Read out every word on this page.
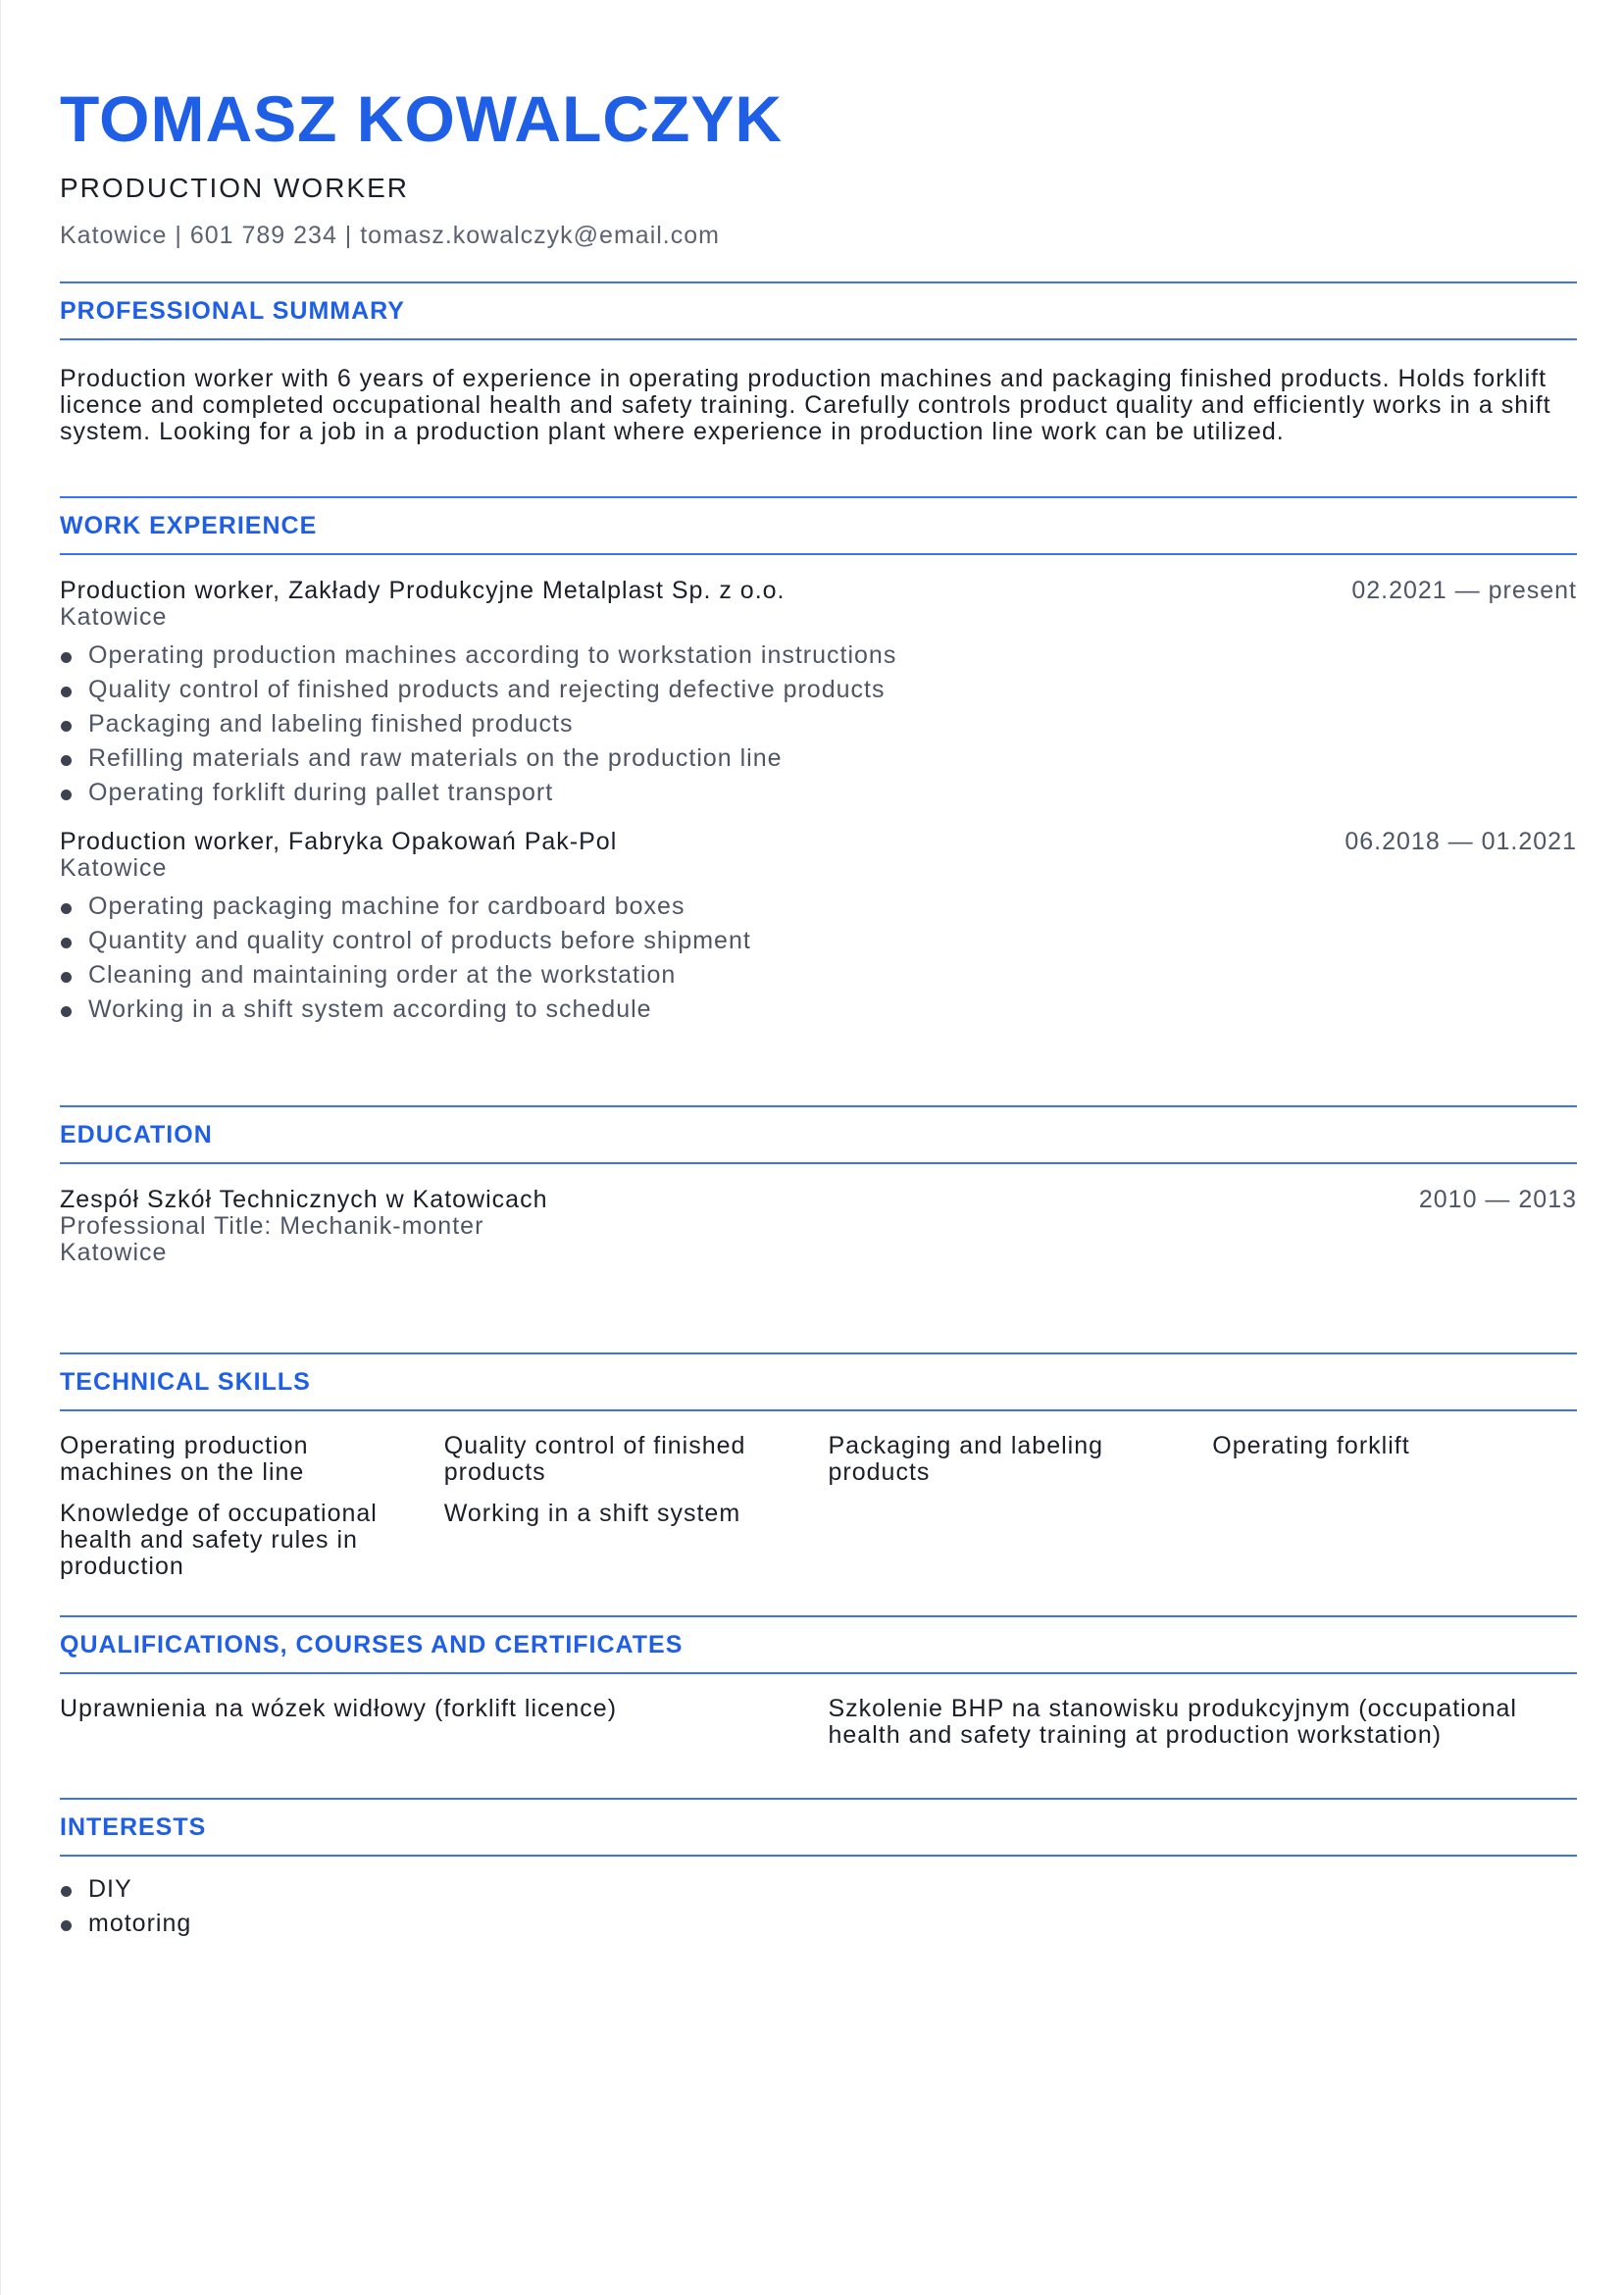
TOMASZ KOWALCZYK
PRODUCTION WORKER
Katowice | 601 789 234 | tomasz.kowalczyk@email.com
PROFESSIONAL SUMMARY
Production worker with 6 years of experience in operating production machines and packaging finished products. Holds forklift licence and completed occupational health and safety training. Carefully controls product quality and efficiently works in a shift system. Looking for a job in a production plant where experience in production line work can be utilized.
WORK EXPERIENCE
Production worker, Zakłady Produkcyjne Metalplast Sp. z o.o.	02.2021 — present
Katowice
Operating production machines according to workstation instructions
Quality control of finished products and rejecting defective products
Packaging and labeling finished products
Refilling materials and raw materials on the production line
Operating forklift during pallet transport
Production worker, Fabryka Opakowań Pak-Pol	06.2018 — 01.2021
Katowice
Operating packaging machine for cardboard boxes
Quantity and quality control of products before shipment
Cleaning and maintaining order at the workstation
Working in a shift system according to schedule
EDUCATION
Zespół Szkół Technicznych w Katowicach	2010 — 2013
Professional Title: Mechanik-monter
Katowice
TECHNICAL SKILLS
Operating production machines on the line
Quality control of finished products
Packaging and labeling products
Operating forklift
Knowledge of occupational health and safety rules in production
Working in a shift system
QUALIFICATIONS, COURSES AND CERTIFICATES
Uprawnienia na wózek widłowy (forklift licence)	Szkolenie BHP na stanowisku produkcyjnym (occupational health and safety training at production workstation)
INTERESTS
DIY
motoring
